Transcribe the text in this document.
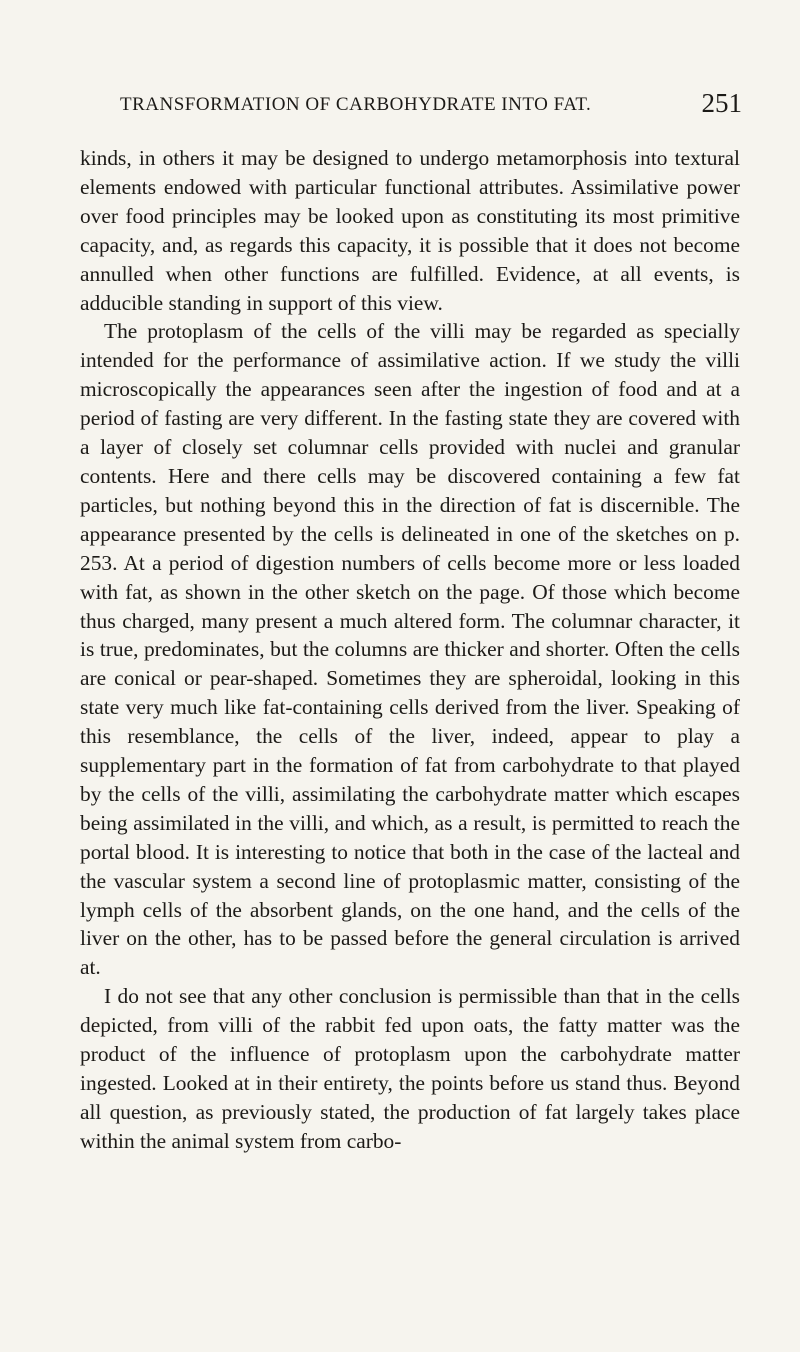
TRANSFORMATION OF CARBOHYDRATE INTO FAT.	251

kinds, in others it may be designed to undergo metamorphosis into textural elements endowed with particular functional attributes. Assimilative power over food principles may be looked upon as constituting its most primitive capacity, and, as regards this capacity, it is possible that it does not become annulled when other functions are fulfilled. Evidence, at all events, is adducible standing in support of this view.

The protoplasm of the cells of the villi may be regarded as specially intended for the performance of assimilative action. If we study the villi microscopically the appearances seen after the ingestion of food and at a period of fasting are very different. In the fasting state they are covered with a layer of closely set columnar cells provided with nuclei and granular contents. Here and there cells may be discovered containing a few fat particles, but nothing beyond this in the direction of fat is discernible. The appearance presented by the cells is delineated in one of the sketches on p. 253. At a period of digestion numbers of cells become more or less loaded with fat, as shown in the other sketch on the page. Of those which become thus charged, many present a much altered form. The columnar character, it is true, predominates, but the columns are thicker and shorter. Often the cells are conical or pear-shaped. Sometimes they are spheroidal, looking in this state very much like fat-containing cells derived from the liver. Speaking of this resemblance, the cells of the liver, indeed, appear to play a supplementary part in the formation of fat from carbohydrate to that played by the cells of the villi, assimilating the carbohydrate matter which escapes being assimilated in the villi, and which, as a result, is permitted to reach the portal blood. It is interesting to notice that both in the case of the lacteal and the vascular system a second line of protoplasmic matter, consisting of the lymph cells of the absorbent glands, on the one hand, and the cells of the liver on the other, has to be passed before the general circulation is arrived at.

I do not see that any other conclusion is permissible than that in the cells depicted, from villi of the rabbit fed upon oats, the fatty matter was the product of the influence of protoplasm upon the carbohydrate matter ingested. Looked at in their entirety, the points before us stand thus. Beyond all question, as previously stated, the production of fat largely takes place within the animal system from carbo-
